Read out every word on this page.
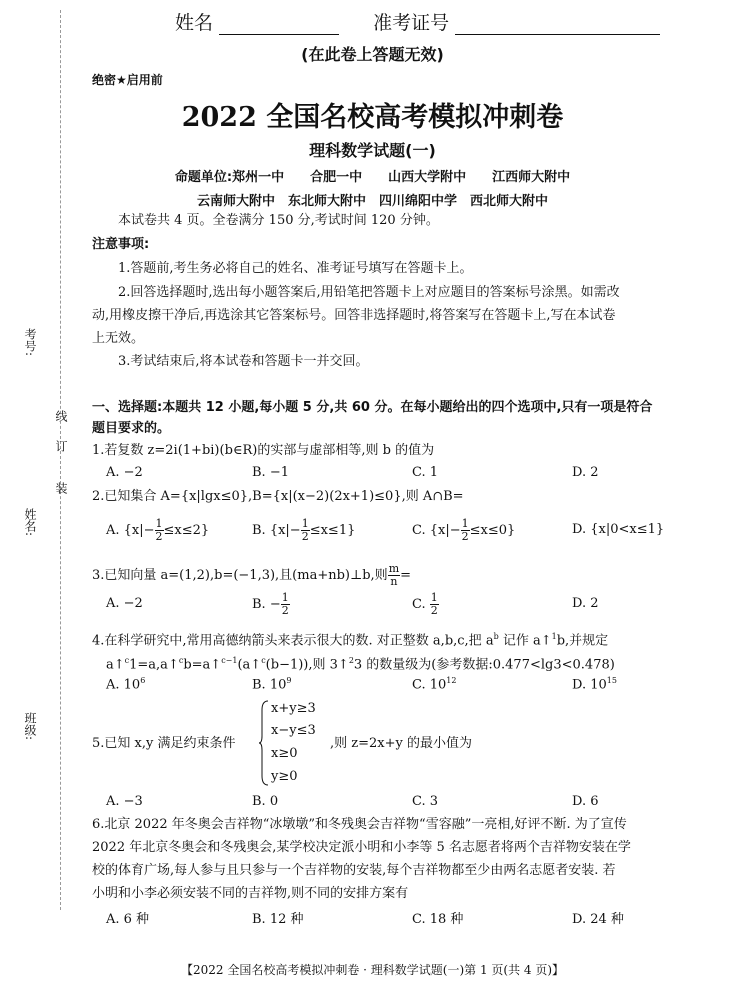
考号:
姓名:
班级:
线
订
装
姓名	准考证号
(在此卷上答题无效)
绝密★启用前
2022 全国名校高考模拟冲刺卷
理科数学试题(一)
命题单位:郑州一中　　合肥一中　　山西大学附中　　江西师大附中
云南师大附中　东北师大附中　四川绵阳中学　西北师大附中
本试卷共 4 页。全卷满分 150 分,考试时间 120 分钟。
注意事项:
1.答题前,考生务必将自己的姓名、准考证号填写在答题卡上。
2.回答选择题时,选出每小题答案后,用铅笔把答题卡上对应题目的答案标号涂黑。如需改
动,用橡皮擦干净后,再选涂其它答案标号。回答非选择题时,将答案写在答题卡上,写在本试卷
上无效。
3.考试结束后,将本试卷和答题卡一并交回。
一、选择题:本题共 12 小题,每小题 5 分,共 60 分。在每小题给出的四个选项中,只有一项是符合
题目要求的。
1.若复数 z=2i(1+bi)(b∈R)的实部与虚部相等,则 b 的值为
A. −2	B. −1	C. 1	D. 2
2.已知集合 A={x|lgx≤0},B={x|(x−2)(2x+1)≤0},则 A∩B=
A. $\{x|- \frac{1}{2} \le x\le 2\}$	B. $\{x|- \frac{1}{2} \le x\le 1\}$	C. $\{x|- \frac{1}{2} \le x\le 0\}$	D. {x|0<x≤1}
3.已知向量 a=(1,2),b=(−1,3),且(ma+nb)⊥b,则 $\frac{m}{n}$ =
A. −2	B. − $\frac{1}{2}$	C. $\frac{1}{2}$	D. 2
4.在科学研究中,常用高德纳箭头来表示很大的数. 对正整数 a,b,c,把 $a^b$ 记作 a↑$^1$b,并规定
a↑$^c$1=a,a↑$^c$b=a↑$^{c-1}$(a↑$^c$(b−1)),则 3↑$^2$3 的数量级为(参考数据:0.477<lg3<0.478)
A. $10^6$	B. $10^9$	C. $10^{12}$	D. $10^{15}$
5.已知 x,y 满足约束条件
x+y≥3
x−y≤3
x≥0
y≥0
,则 z=2x+y 的最小值为
A. −3	B. 0	C. 3	D. 6
6.北京 2022 年冬奥会吉祥物“冰墩墩”和冬残奥会吉祥物“雪容融”一亮相,好评不断. 为了宣传
2022 年北京冬奥会和冬残奥会,某学校决定派小明和小李等 5 名志愿者将两个吉祥物安装在学
校的体育广场,每人参与且只参与一个吉祥物的安装,每个吉祥物都至少由两名志愿者安装. 若
小明和小李必须安装不同的吉祥物,则不同的安排方案有
A. 6 种	B. 12 种	C. 18 种	D. 24 种
【2022 全国名校高考模拟冲刺卷 · 理科数学试题(一)第 1 页(共 4 页)】
